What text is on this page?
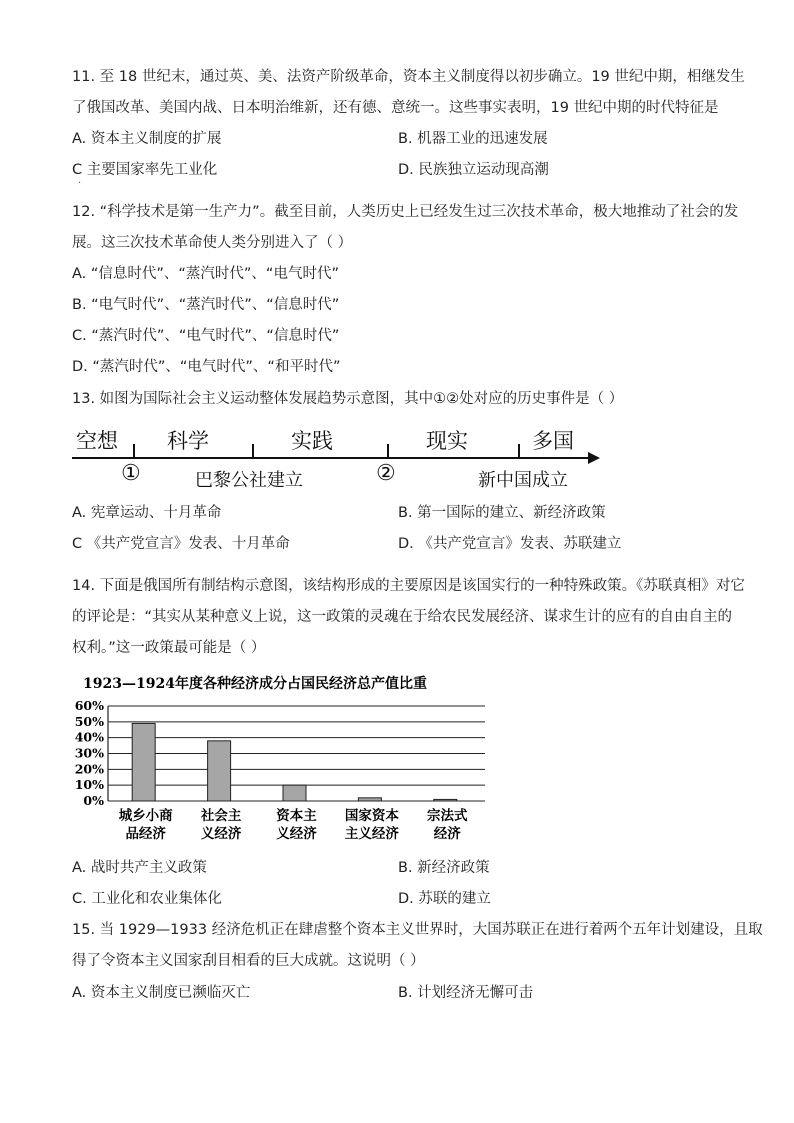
11. 至 18 世纪末，通过英、美、法资产阶级革命，资本主义制度得以初步确立。19 世纪中期，相继发生
了俄国改革、美国内战、日本明治维新，还有德、意统一。这些事实表明，19 世纪中期的时代特征是
A. 资本主义制度的扩展	B. 机器工业的迅速发展
C 主要国家率先工业化	D. 民族独立运动现高潮
·
12. “科学技术是第一生产力”。截至目前，人类历史上已经发生过三次技术革命，极大地推动了社会的发
展。这三次技术革命使人类分别进入了（ ）
A. “信息时代”、“蒸汽时代”、“电气时代”
B. “电气时代”、“蒸汽时代”、“信息时代”
C. “蒸汽时代”、“电气时代”、“信息时代”
D. “蒸汽时代”、“电气时代”、“和平时代”
13. 如图为国际社会主义运动整体发展趋势示意图，其中①②处对应的历史事件是（ ）
空想 科学	实践	现实	多国
①	巴黎公社建立	②	新中国成立
A. 宪章运动、十月革命	B. 第一国际的建立、新经济政策
C 《共产党宣言》发表、十月革命	D. 《共产党宣言》发表、苏联建立
14. 下面是俄国所有制结构示意图，该结构形成的主要原因是该国实行的一种特殊政策。《苏联真相》对它
的评论是：“其实从某种意义上说，这一政策的灵魂在于给农民发展经济、谋求生计的应有的自由自主的
权利。”这一政策最可能是（ ）
1923—1924年度各种经济成分占国民经济总产值比重
0%
10%
20%
30%
40%
50%
60%
城乡小商
品经济
社会主
义经济
资本主
义经济
国家资本
主义经济
宗法式
经济
A. 战时共产主义政策	B. 新经济政策
C. 工业化和农业集体化	D. 苏联的建立
15. 当 1929—1933 经济危机正在肆虐整个资本主义世界时，大国苏联正在进行着两个五年计划建设，且取
得了令资本主义国家刮目相看的巨大成就。这说明（ ）
A. 资本主义制度已濒临灭亡	B. 计划经济无懈可击
